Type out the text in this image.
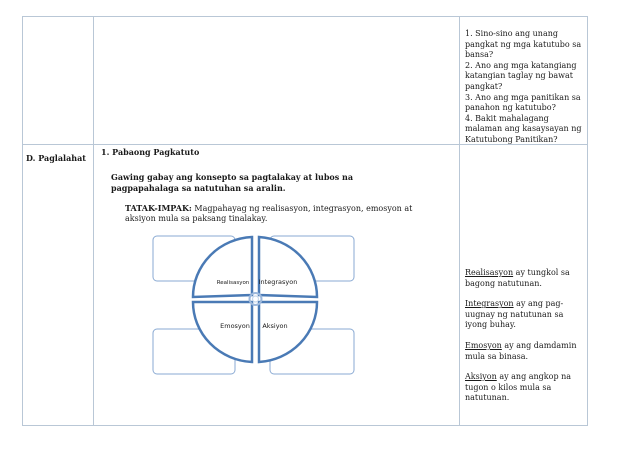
1. Sino-sino ang unang pangkat ng mga katutubo sa bansa?
2. Ano ang mga katangiang katangian taglay ng bawat pangkat?
3. Ano ang mga panitikan sa panahon ng katutubo?
4. Bakit mahalagang malaman ang kasaysayan ng Katutubong Panitikan?
D. Paglalahat
1. Pabaong Pagkatuto
Gawing gabay ang konsepto sa pagtalakay at lubos na
pagpapahalaga sa natutuhan sa aralin.
TATAK-IMPAK: Magpahayag ng realisasyon, integrasyon, emosyon at
aksiyon mula sa paksang tinalakay.
Realisasyon Integrasyon
Emosyon Aksiyon

Realisasyon ay tungkol sa bagong natutunan.

Integrasyon ay ang pag-uugnay ng natutunan sa iyong buhay.

Emosyon ay ang damdamin mula sa binasa.

Aksiyon ay ang angkop na tugon o kilos mula sa natutunan.
